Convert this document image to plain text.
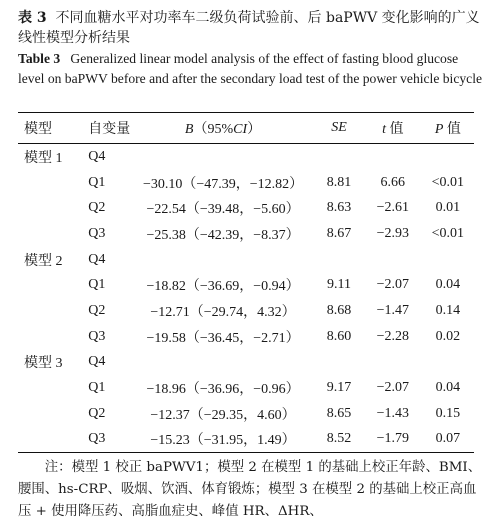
表 3 不同血糖水平对功率车二级负荷试验前、后 baPWV 变化影响的广义线性模型分析结果
Table 3 Generalized linear model analysis of the effect of fasting blood glucose level on baPWV before and after the secondary load test of the power vehicle bicycle
模型	自变量	B（95%CI）	SE	t 值	P 值
模型 1	Q4				
	Q1	−30.10（−47.39，−12.82）	8.81	6.66	<0.01
	Q2	−22.54（−39.48，−5.60）	8.63	−2.61	0.01
	Q3	−25.38（−42.39，−8.37）	8.67	−2.93	<0.01
模型 2	Q4				
	Q1	−18.82（−36.69，−0.94）	9.11	−2.07	0.04
	Q2	−12.71（−29.74，4.32）	8.68	−1.47	0.14
	Q3	−19.58（−36.45，−2.71）	8.60	−2.28	0.02
模型 3	Q4				
	Q1	−18.96（−36.96，−0.96）	9.17	−2.07	0.04
	Q2	−12.37（−29.35，4.60）	8.65	−1.43	0.15
	Q3	−15.23（−31.95，1.49）	8.52	−1.79	0.07
注：模型 1 校正 baPWV1；模型 2 在模型 1 的基础上校正年龄、BMI、腰围、hs-CRP、吸烟、饮酒、体育锻炼；模型 3 在模型 2 的基础上校正高血压 + 使用降压药、高脂血症史、峰值 HR、ΔHR、
